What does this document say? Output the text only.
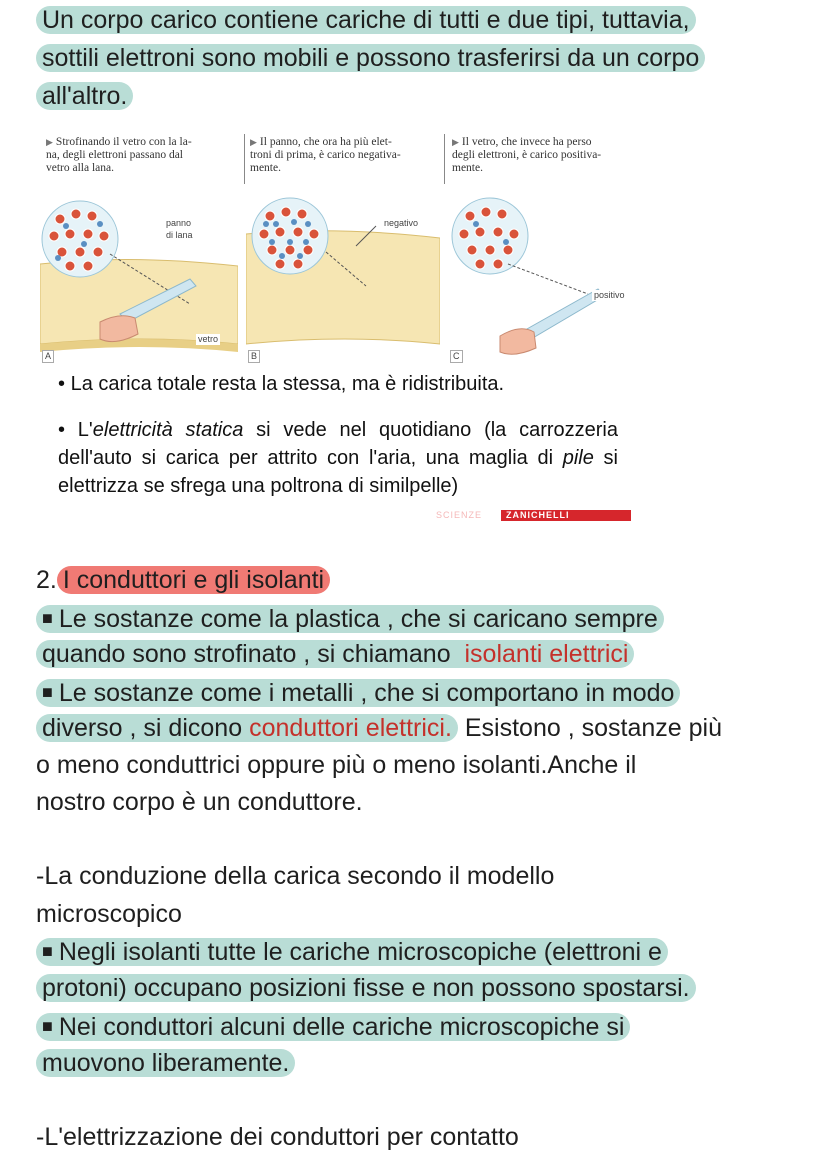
Un corpo carico contiene cariche di tutti e due tipi, tuttavia,

sottili elettroni sono mobili e possono trasferirsi da un corpo

all'altro.

▶ Strofinando il vetro con la la-
na, degli elettroni passano dal
vetro alla lana.
▶ Il panno, che ora ha più elet-
troni di prima, è carico negativa-
mente.
▶ Il vetro, che invece ha perso
degli elettroni, è carico positiva-
mente.
panno
di lana
vetro
A
negativo
B
positivo
C
• La carica totale resta la stessa, ma è ridistribuita.
• L'elettricità statica si vede nel quotidiano (la carrozzeria dell'auto si carica per attrito con l'aria, una maglia di pile si elettrizza se sfrega una poltrona di similpelle)

SCIENZE	ZANICHELLI

2. I conduttori e gli isolanti

■ Le sostanze come la plastica , che si caricano sempre

quando sono strofinato , si chiamano isolanti elettrici

■ Le sostanze come i metalli , che si comportano in modo

diverso , si dicono conduttori elettrici. Esistono , sostanze più

o meno conduttrici oppure più o meno isolanti.Anche il

nostro corpo è un conduttore.

-La conduzione della carica secondo il modello

microscopico

■ Negli isolanti tutte le cariche microscopiche (elettroni e

protoni) occupano posizioni fisse e non possono spostarsi.

■ Nei conduttori alcuni delle cariche microscopiche si

muovono liberamente.

-L'elettrizzazione dei conduttori per contatto
